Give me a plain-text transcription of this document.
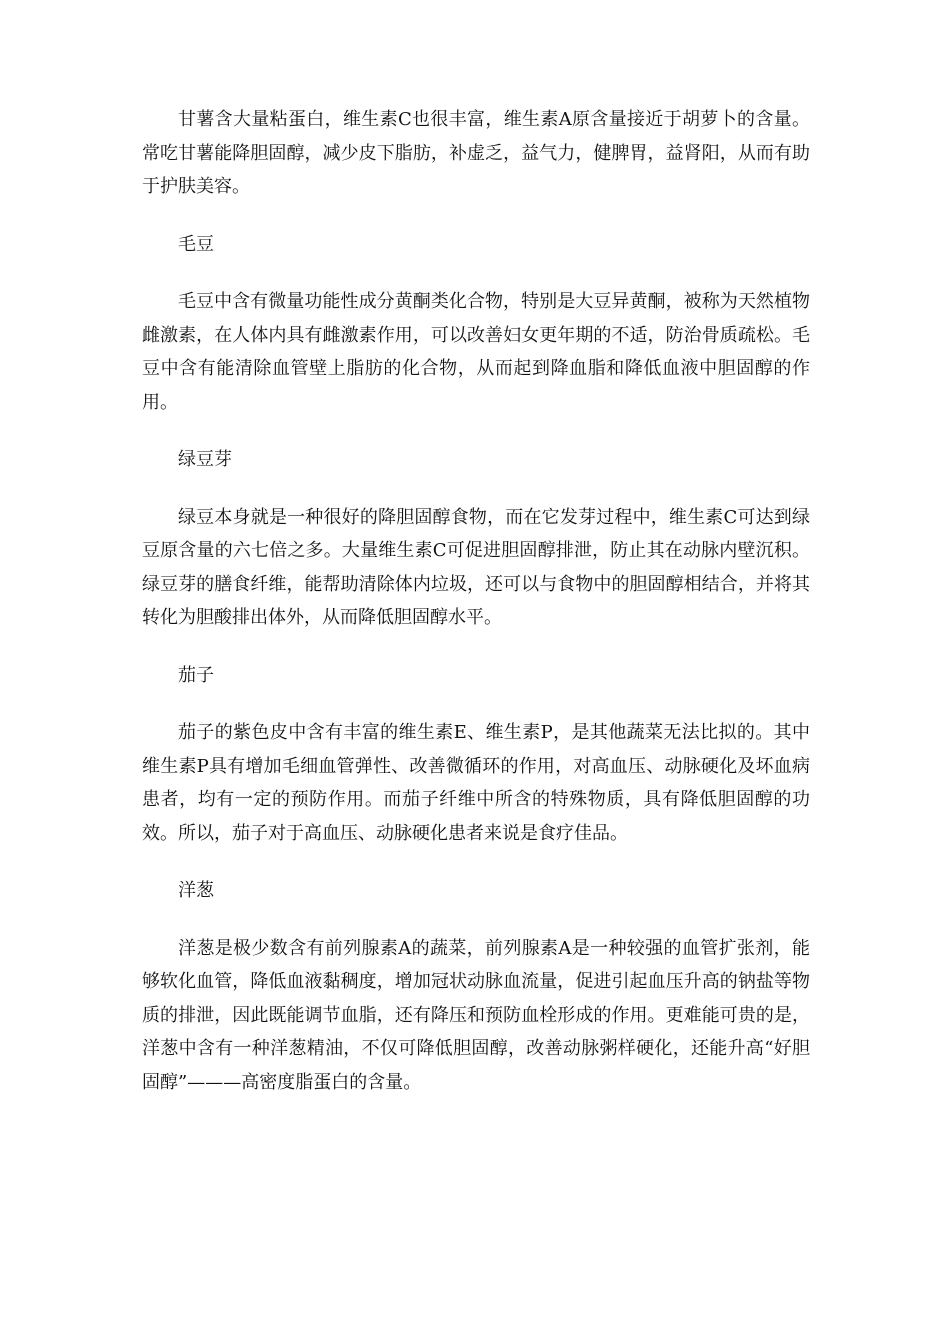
甘薯含大量粘蛋白，维生素C也很丰富，维生素A原含量接近于胡萝卜的含量。常吃甘薯能降胆固醇，减少皮下脂肪，补虚乏，益气力，健脾胃，益肾阳，从而有助于护肤美容。

毛豆

毛豆中含有微量功能性成分黄酮类化合物，特别是大豆异黄酮，被称为天然植物雌激素，在人体内具有雌激素作用，可以改善妇女更年期的不适，防治骨质疏松。毛豆中含有能清除血管壁上脂肪的化合物，从而起到降血脂和降低血液中胆固醇的作用。

绿豆芽

绿豆本身就是一种很好的降胆固醇食物，而在它发芽过程中，维生素C可达到绿豆原含量的六七倍之多。大量维生素C可促进胆固醇排泄，防止其在动脉内壁沉积。绿豆芽的膳食纤维，能帮助清除体内垃圾，还可以与食物中的胆固醇相结合，并将其转化为胆酸排出体外，从而降低胆固醇水平。

茄子

茄子的紫色皮中含有丰富的维生素E、维生素P，是其他蔬菜无法比拟的。其中维生素P具有增加毛细血管弹性、改善微循环的作用，对高血压、动脉硬化及坏血病患者，均有一定的预防作用。而茄子纤维中所含的特殊物质，具有降低胆固醇的功效。所以，茄子对于高血压、动脉硬化患者来说是食疗佳品。

洋葱

洋葱是极少数含有前列腺素A的蔬菜，前列腺素A是一种较强的血管扩张剂，能够软化血管，降低血液黏稠度，增加冠状动脉血流量，促进引起血压升高的钠盐等物质的排泄，因此既能调节血脂，还有降压和预防血栓形成的作用。更难能可贵的是，洋葱中含有一种洋葱精油，不仅可降低胆固醇，改善动脉粥样硬化，还能升高“好胆固醇”———高密度脂蛋白的含量。
